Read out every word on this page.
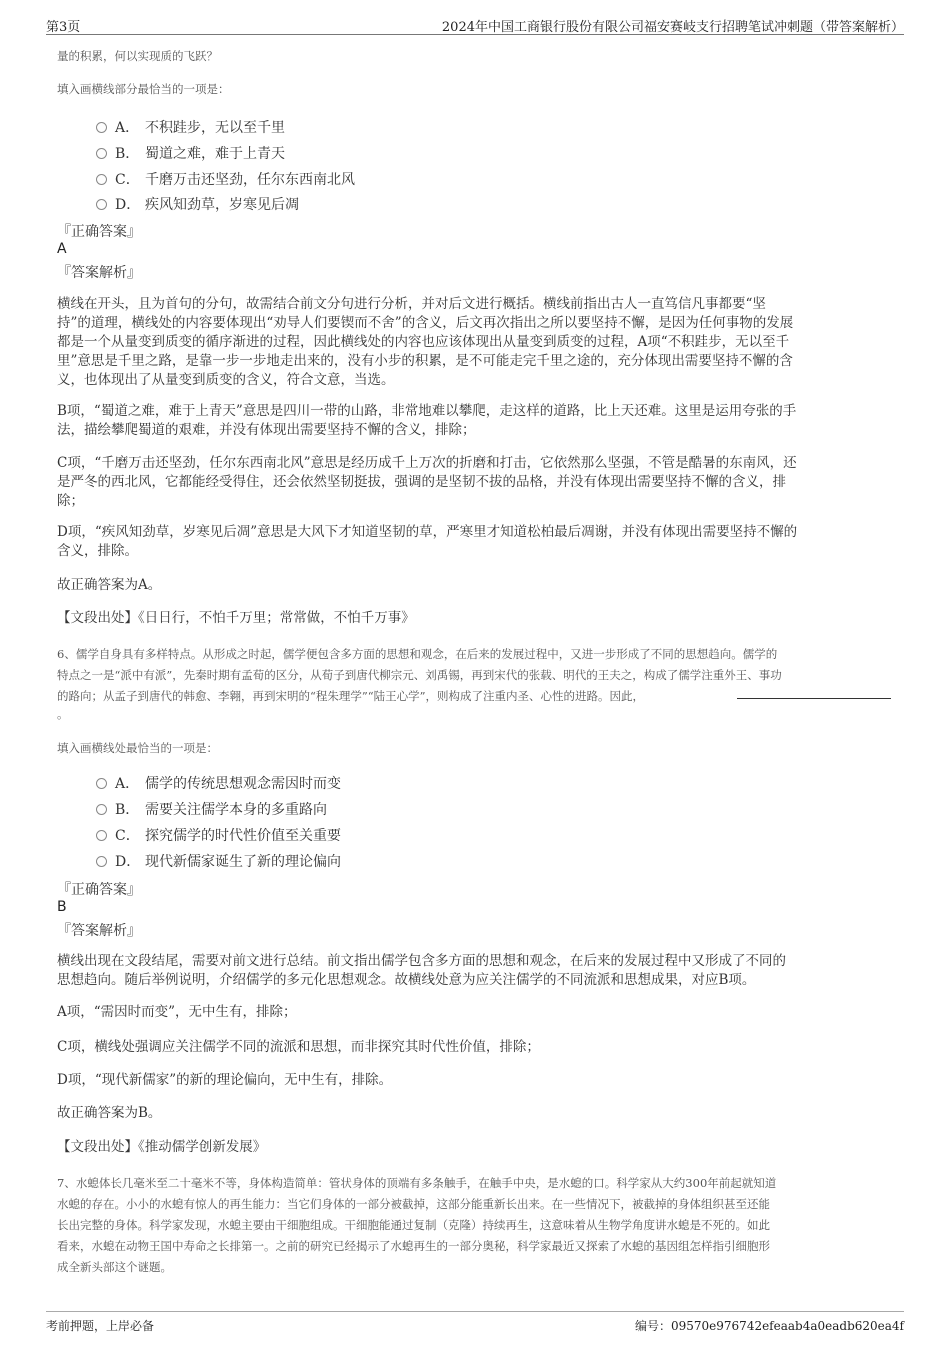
第3页	2024年中国工商银行股份有限公司福安赛岐支行招聘笔试冲刺题（带答案解析）
量的积累，何以实现质的飞跃？
填入画横线部分最恰当的一项是：
A． 不积跬步，无以至千里
B． 蜀道之难，难于上青天
C． 千磨万击还坚劲，任尔东西南北风
D． 疾风知劲草，岁寒见后凋
『正确答案』
A
『答案解析』
横线在开头，且为首句的分句，故需结合前文分句进行分析，并对后文进行概括。横线前指出古人一直笃信凡事都要“坚
持”的道理，横线处的内容要体现出“劝导人们要锲而不舍”的含义，后文再次指出之所以要坚持不懈，是因为任何事物的发展
都是一个从量变到质变的循序渐进的过程，因此横线处的内容也应该体现出从量变到质变的过程，A项“不积跬步，无以至千
里”意思是千里之路，是靠一步一步地走出来的，没有小步的积累，是不可能走完千里之途的，充分体现出需要坚持不懈的含
义，也体现出了从量变到质变的含义，符合文意，当选。
B项，“蜀道之难，难于上青天”意思是四川一带的山路，非常地难以攀爬，走这样的道路，比上天还难。这里是运用夸张的手
法，描绘攀爬蜀道的艰难，并没有体现出需要坚持不懈的含义，排除；
C项，“千磨万击还坚劲，任尔东西南北风”意思是经历成千上万次的折磨和打击，它依然那么坚强，不管是酷暑的东南风，还
是严冬的西北风，它都能经受得住，还会依然坚韧挺拔，强调的是坚韧不拔的品格，并没有体现出需要坚持不懈的含义，排
除；
D项，“疾风知劲草，岁寒见后凋”意思是大风下才知道坚韧的草，严寒里才知道松柏最后凋谢，并没有体现出需要坚持不懈的
含义，排除。
故正确答案为A。
【文段出处】《日日行，不怕千万里；常常做，不怕千万事》
6、儒学自身具有多样特点。从形成之时起，儒学便包含多方面的思想和观念，在后来的发展过程中，又进一步形成了不同的思想趋向。儒学的
特点之一是“派中有派”，先秦时期有孟荀的区分，从荀子到唐代柳宗元、刘禹锡，再到宋代的张载、明代的王夫之，构成了儒学注重外王、事功
的路向；从孟子到唐代的韩愈、李翱，再到宋明的“程朱理学”“陆王心学”，则构成了注重内圣、心性的进路。因此，
。
填入画横线处最恰当的一项是：
A． 儒学的传统思想观念需因时而变
B． 需要关注儒学本身的多重路向
C． 探究儒学的时代性价值至关重要
D． 现代新儒家诞生了新的理论偏向
『正确答案』
B
『答案解析』
横线出现在文段结尾，需要对前文进行总结。前文指出儒学包含多方面的思想和观念，在后来的发展过程中又形成了不同的
思想趋向。随后举例说明，介绍儒学的多元化思想观念。故横线处意为应关注儒学的不同流派和思想成果，对应B项。
A项，“需因时而变”，无中生有，排除；
C项，横线处强调应关注儒学不同的流派和思想，而非探究其时代性价值，排除；
D项，“现代新儒家”的新的理论偏向，无中生有，排除。
故正确答案为B。
【文段出处】《推动儒学创新发展》
7、水螅体长几毫米至二十毫米不等，身体构造简单：管状身体的顶端有多条触手，在触手中央，是水螅的口。科学家从大约300年前起就知道
水螅的存在。小小的水螅有惊人的再生能力：当它们身体的一部分被截掉，这部分能重新长出来。在一些情况下，被截掉的身体组织甚至还能
长出完整的身体。科学家发现，水螅主要由干细胞组成。干细胞能通过复制（克隆）持续再生，这意味着从生物学角度讲水螅是不死的。如此
看来，水螅在动物王国中寿命之长排第一。之前的研究已经揭示了水螅再生的一部分奥秘，科学家最近又探索了水螅的基因组怎样指引细胞形
成全新头部这个谜题。
考前押题，上岸必备	编号：09570e976742efeaab4a0eadb620ea4f
